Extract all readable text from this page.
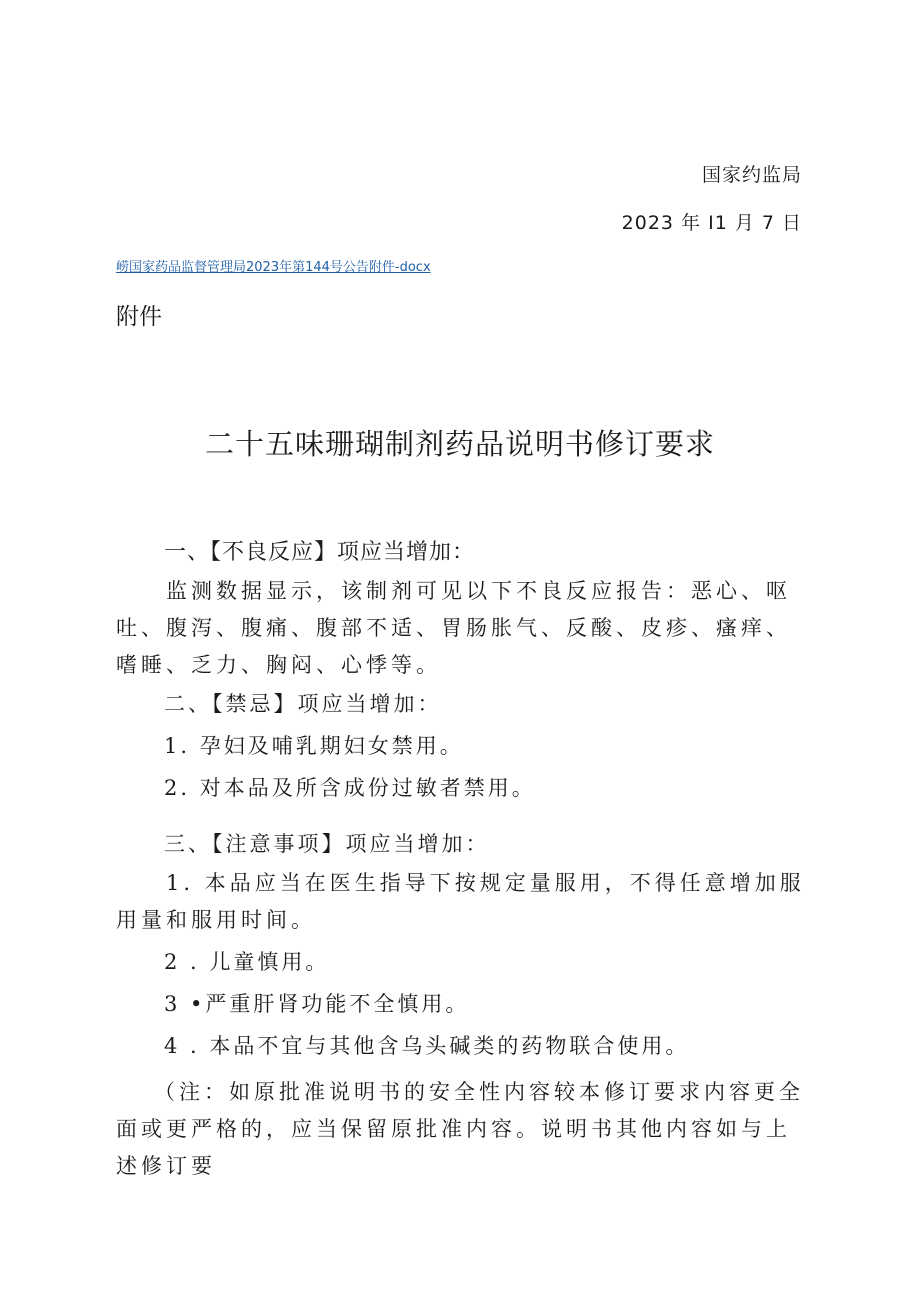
国家约监局
2023 年 I1 月 7 日
崂国家药品监督管理局2023年第144号公告附件-docx
附件
二十五味珊瑚制剂药品说明书修订要求

一、【不良反应】项应当增加：

监测数据显示，该制剂可见以下不良反应报告：恶心、呕吐、腹泻、腹痛、腹部不适、胃肠胀气、反酸、皮疹、瘙痒、嗜睡、乏力、胸闷、心悸等。

二、【禁忌】项应当增加：

1. 孕妇及哺乳期妇女禁用。

2. 对本品及所含成份过敏者禁用。

三、【注意事项】项应当增加：

1. 本品应当在医生指导下按规定量服用，不得任意增加服用量和服用时间。

2 . 儿童慎用。

3 •严重肝肾功能不全慎用。

4 . 本品不宜与其他含乌头碱类的药物联合使用。

（注：如原批准说明书的安全性内容较本修订要求内容更全面或更严格的，应当保留原批准内容。说明书其他内容如与上述修订要
